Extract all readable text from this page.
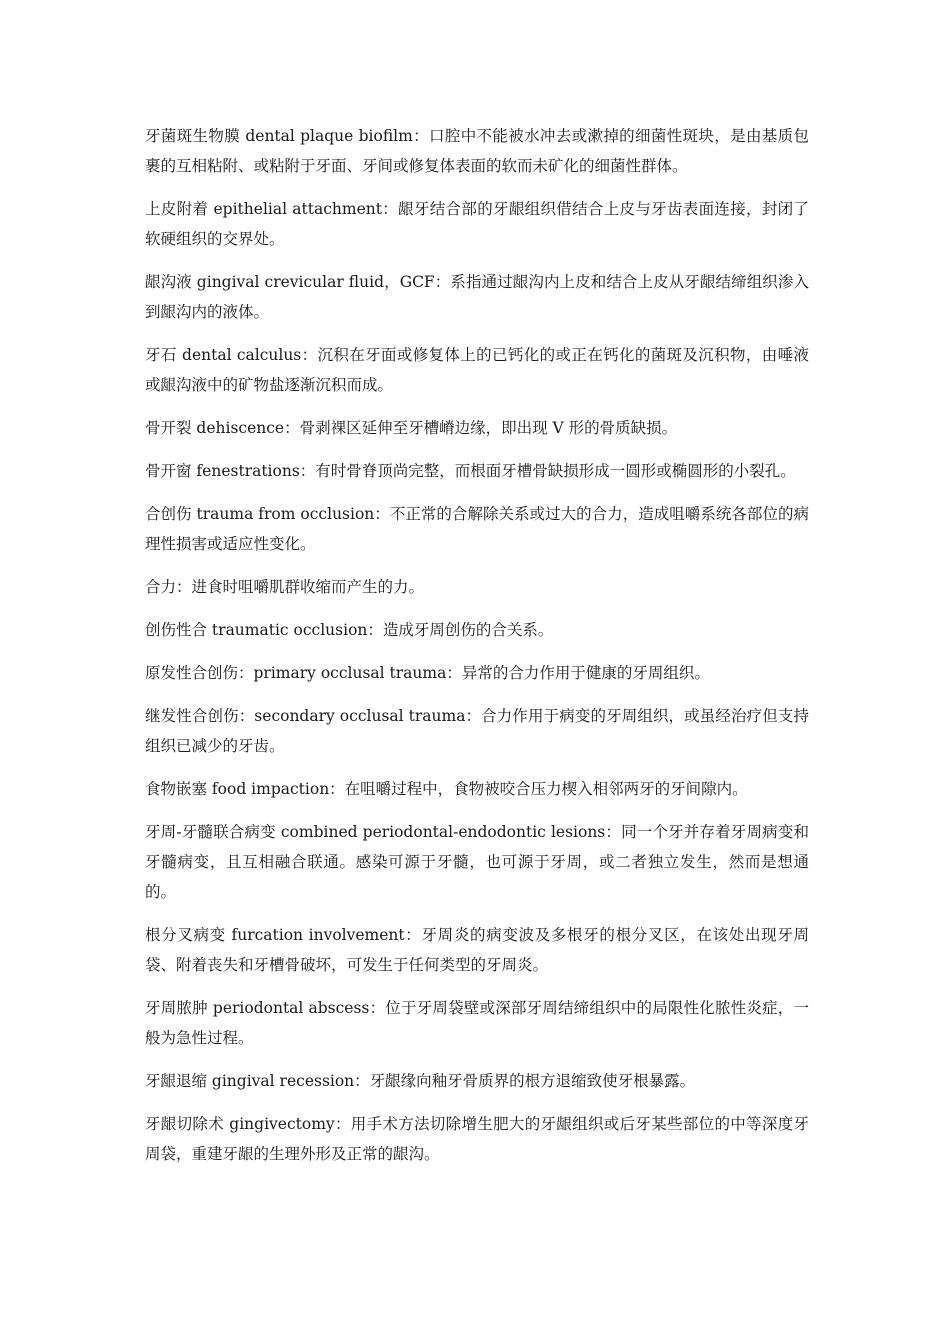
牙菌斑生物膜 dental plaque biofilm：口腔中不能被水冲去或漱掉的细菌性斑块，是由基质包裹的互相粘附、或粘附于牙面、牙间或修复体表面的软而未矿化的细菌性群体。

上皮附着 epithelial attachment：龈牙结合部的牙龈组织借结合上皮与牙齿表面连接，封闭了软硬组织的交界处。

龈沟液 gingival crevicular fluid，GCF：系指通过龈沟内上皮和结合上皮从牙龈结缔组织渗入到龈沟内的液体。

牙石 dental calculus：沉积在牙面或修复体上的已钙化的或正在钙化的菌斑及沉积物，由唾液或龈沟液中的矿物盐逐渐沉积而成。

骨开裂 dehiscence：骨剥裸区延伸至牙槽嵴边缘，即出现 V 形的骨质缺损。

骨开窗 fenestrations：有时骨脊顶尚完整，而根面牙槽骨缺损形成一圆形或椭圆形的小裂孔。

合创伤 trauma from occlusion：不正常的合解除关系或过大的合力，造成咀嚼系统各部位的病理性损害或适应性变化。

合力：进食时咀嚼肌群收缩而产生的力。

创伤性合 traumatic occlusion：造成牙周创伤的合关系。

原发性合创伤：primary occlusal trauma：异常的合力作用于健康的牙周组织。

继发性合创伤：secondary occlusal trauma：合力作用于病变的牙周组织，或虽经治疗但支持组织已减少的牙齿。

食物嵌塞 food impaction：在咀嚼过程中，食物被咬合压力楔入相邻两牙的牙间隙内。

牙周-牙髓联合病变 combined periodontal-endodontic lesions：同一个牙并存着牙周病变和牙髓病变，且互相融合联通。感染可源于牙髓，也可源于牙周，或二者独立发生，然而是想通的。

根分叉病变 furcation involvement：牙周炎的病变波及多根牙的根分叉区，在该处出现牙周袋、附着丧失和牙槽骨破坏，可发生于任何类型的牙周炎。

牙周脓肿 periodontal abscess：位于牙周袋壁或深部牙周结缔组织中的局限性化脓性炎症，一般为急性过程。

牙龈退缩 gingival recession：牙龈缘向釉牙骨质界的根方退缩致使牙根暴露。

牙龈切除术 gingivectomy：用手术方法切除增生肥大的牙龈组织或后牙某些部位的中等深度牙周袋，重建牙龈的生理外形及正常的龈沟。
